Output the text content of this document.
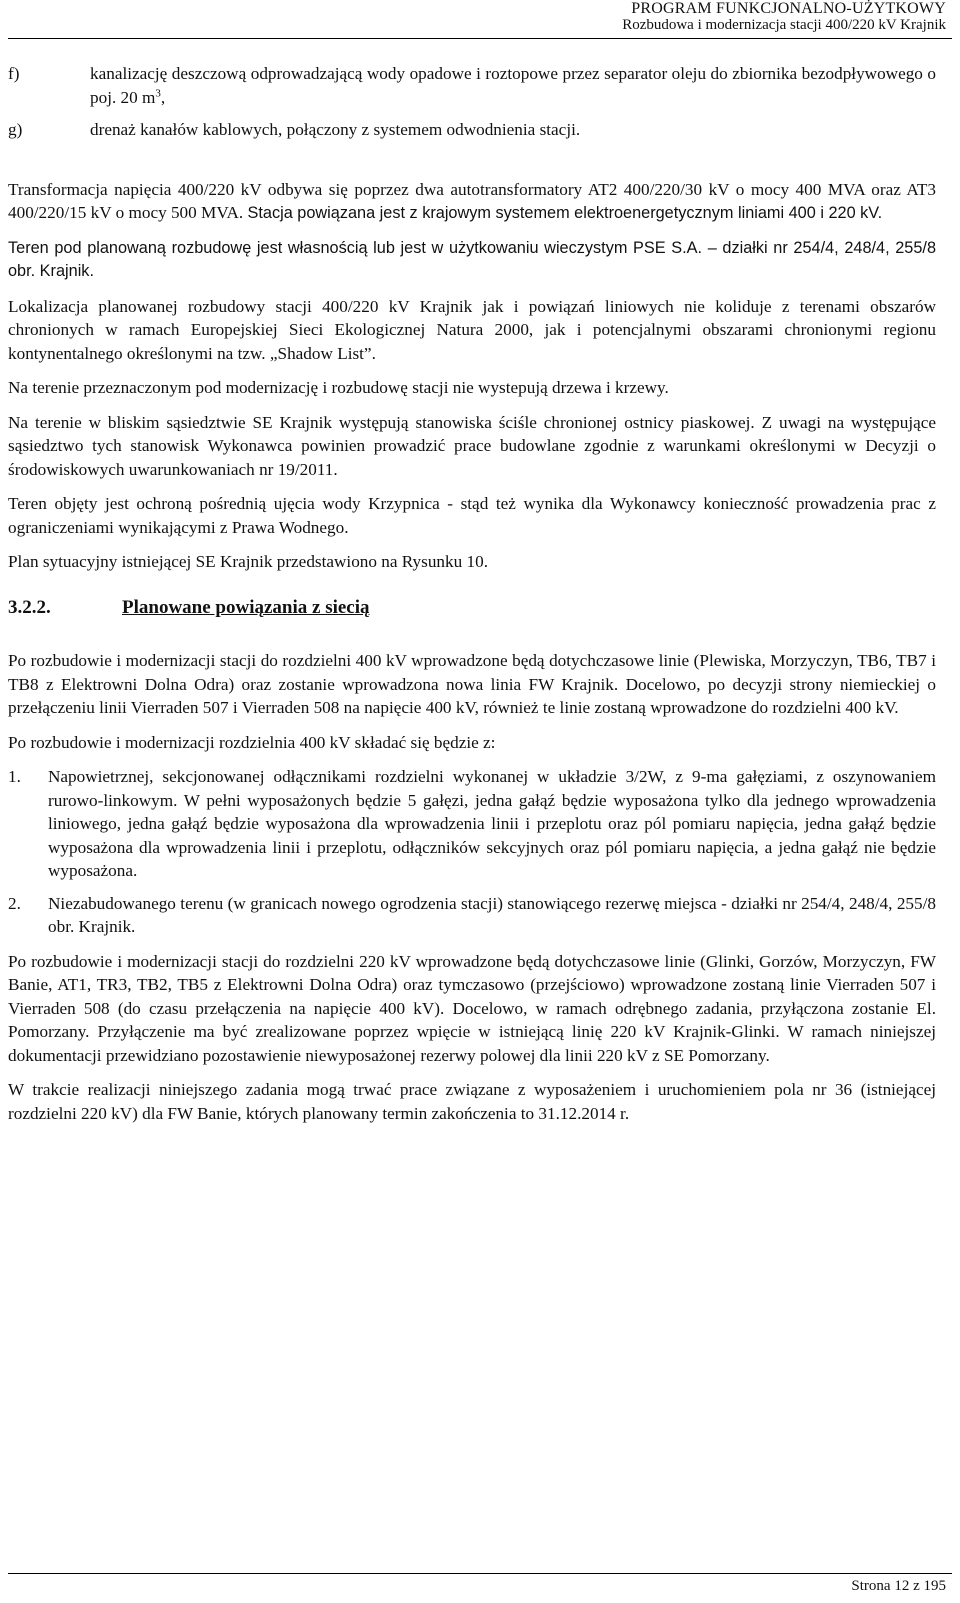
PROGRAM FUNKCJONALNO-UŻYTKOWY
Rozbudowa i modernizacja stacji 400/220 kV Krajnik
f)	kanalizację deszczową odprowadzającą wody opadowe i roztopowe przez separator oleju do zbiornika bezodpływowego o poj. 20 $m^3$,
g)	drenaż kanałów kablowych, połączony z systemem odwodnienia stacji.

Transformacja napięcia 400/220 kV odbywa się poprzez dwa autotransformatory AT2 400/220/30 kV o mocy 400 MVA oraz AT3 400/220/15 kV o mocy 500 MVA. Stacja powiązana jest z krajowym systemem elektroenergetycznym liniami 400 i 220 kV.

Teren pod planowaną rozbudowę jest własnością lub jest w użytkowaniu wieczystym PSE S.A. – działki nr 254/4, 248/4, 255/8 obr. Krajnik.

Lokalizacja planowanej rozbudowy stacji 400/220 kV Krajnik jak i powiązań liniowych nie koliduje z terenami obszarów chronionych w ramach Europejskiej Sieci Ekologicznej Natura 2000, jak i potencjalnymi obszarami chronionymi regionu kontynentalnego określonymi na tzw. „Shadow List”.

Na terenie przeznaczonym pod modernizację i rozbudowę stacji nie wystepują drzewa i krzewy.

Na terenie w bliskim sąsiedztwie SE Krajnik występują stanowiska ściśle chronionej ostnicy piaskowej. Z uwagi na występujące sąsiedztwo tych stanowisk Wykonawca powinien prowadzić prace budowlane zgodnie z warunkami określonymi w Decyzji o środowiskowych uwarunkowaniach nr 19/2011.

Teren objęty jest ochroną pośrednią ujęcia wody Krzypnica - stąd też wynika dla Wykonawcy konieczność prowadzenia prac z ograniczeniami wynikającymi z Prawa Wodnego.

Plan sytuacyjny istniejącej SE Krajnik przedstawiono na Rysunku 10.

3.2.2.	Planowane powiązania z siecią

Po rozbudowie i modernizacji stacji do rozdzielni 400 kV wprowadzone będą dotychczasowe linie (Plewiska, Morzyczyn, TB6, TB7 i TB8 z Elektrowni Dolna Odra) oraz zostanie wprowadzona nowa linia FW Krajnik. Docelowo, po decyzji strony niemieckiej o przełączeniu linii Vierraden 507 i Vierraden 508 na napięcie 400 kV, również te linie zostaną wprowadzone do rozdzielni 400 kV.

Po rozbudowie i modernizacji rozdzielnia 400 kV składać się będzie z:

1.	Napowietrznej, sekcjonowanej odłącznikami rozdzielni wykonanej w układzie 3/2W, z 9-ma gałęziami, z oszynowaniem rurowo-linkowym. W pełni wyposażonych będzie 5 gałęzi, jedna gałąź będzie wyposażona tylko dla jednego wprowadzenia liniowego, jedna gałąź będzie wyposażona dla wprowadzenia linii i przeplotu oraz pól pomiaru napięcia, jedna gałąź będzie wyposażona dla wprowadzenia linii i przeplotu, odłączników sekcyjnych oraz pól pomiaru napięcia, a jedna gałąź nie będzie wyposażona.
2.	Niezabudowanego terenu (w granicach nowego ogrodzenia stacji) stanowiącego rezerwę miejsca - działki nr 254/4, 248/4, 255/8 obr. Krajnik.

Po rozbudowie i modernizacji stacji do rozdzielni 220 kV wprowadzone będą dotychczasowe linie (Glinki, Gorzów, Morzyczyn, FW Banie, AT1, TR3, TB2, TB5 z Elektrowni Dolna Odra) oraz tymczasowo (przejściowo) wprowadzone zostaną linie Vierraden 507 i Vierraden 508 (do czasu przełączenia na napięcie 400 kV). Docelowo, w ramach odrębnego zadania, przyłączona zostanie El. Pomorzany. Przyłączenie ma być zrealizowane poprzez wpięcie w istniejącą linię 220 kV Krajnik-Glinki. W ramach niniejszej dokumentacji przewidziano pozostawienie niewyposażonej rezerwy polowej dla linii 220 kV z SE Pomorzany.

W trakcie realizacji niniejszego zadania mogą trwać prace związane z wyposażeniem i uruchomieniem pola nr 36 (istniejącej rozdzielni 220 kV) dla FW Banie, których planowany termin zakończenia to 31.12.2014 r.

Strona 12 z 195
